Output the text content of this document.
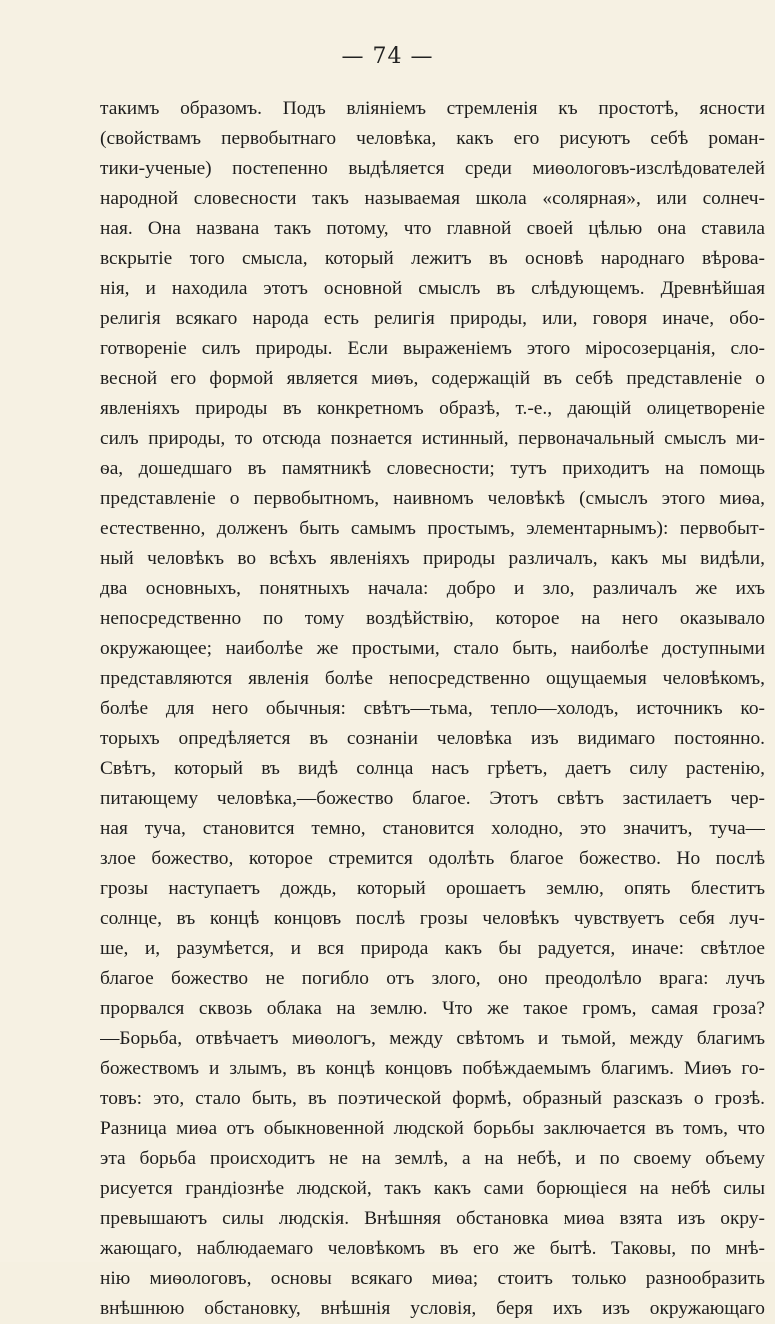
— 74 —
такимъ образомъ. Подъ вліяніемъ стремленія къ простотѣ, ясности
(свойствамъ первобытнаго человѣка, какъ его рисуютъ себѣ роман-
тики-ученые) постепенно выдѣляется среди миѳологовъ-изслѣдователей
народной словесности такъ называемая школа «солярная», или солнеч-
ная. Она названа такъ потому, что главной своей цѣлью она ставила
вскрытіе того смысла, который лежитъ въ основѣ народнаго вѣрова-
нія, и находила этотъ основной смыслъ въ слѣдующемъ. Древнѣйшая
религія всякаго народа есть религія природы, или, говоря иначе, обо-
готвореніе силъ природы. Если выраженіемъ этого міросозерцанія, сло-
весной его формой является миѳъ, содержащій въ себѣ представленіе о
явленіяхъ природы въ конкретномъ образѣ, т.-е., дающій олицетвореніе
силъ природы, то отсюда познается истинный, первоначальный смыслъ ми-
ѳа, дошедшаго въ памятникѣ словесности; тутъ приходитъ на помощь
представленіе о первобытномъ, наивномъ человѣкѣ (смыслъ этого миѳа,
естественно, долженъ быть самымъ простымъ, элементарнымъ): первобыт-
ный человѣкъ во всѣхъ явленіяхъ природы различалъ, какъ мы видѣли,
два основныхъ, понятныхъ начала: добро и зло, различалъ же ихъ
непосредственно по тому воздѣйствію, которое на него оказывало
окружающее; наиболѣе же простыми, стало быть, наиболѣе доступными
представляются явленія болѣе непосредственно ощущаемыя человѣкомъ,
болѣе для него обычныя: свѣтъ—тьма, тепло—холодъ, источникъ ко-
торыхъ опредѣляется въ сознаніи человѣка изъ видимаго постоянно.
Свѣтъ, который въ видѣ солнца насъ грѣетъ, даетъ силу растенію,
питающему человѣка,—божество благое. Этотъ свѣтъ застилаетъ чер-
ная туча, становится темно, становится холодно, это значитъ, туча—
злое божество, которое стремится одолѣть благое божество. Но послѣ
грозы наступаетъ дождь, который орошаетъ землю, опять блеститъ
солнце, въ концѣ концовъ послѣ грозы человѣкъ чувствуетъ себя луч-
ше, и, разумѣется, и вся природа какъ бы радуется, иначе: свѣтлое
благое божество не погибло отъ злого, оно преодолѣло врага: лучъ
прорвался сквозь облака на землю. Что же такое громъ, самая гроза?
—Борьба, отвѣчаетъ миѳологъ, между свѣтомъ и тьмой, между благимъ
божествомъ и злымъ, въ концѣ концовъ побѣждаемымъ благимъ. Миѳъ го-
товъ: это, стало быть, въ поэтической формѣ, образный разсказъ о грозѣ.
Разница миѳа отъ обыкновенной людской борьбы заключается въ томъ, что
эта борьба происходитъ не на землѣ, а на небѣ, и по своему объему
рисуется грандіознѣе людской, такъ какъ сами борющіеся на небѣ силы
превышаютъ силы людскія. Внѣшняя обстановка миѳа взята изъ окру-
жающаго, наблюдаемаго человѣкомъ въ его же бытѣ. Таковы, по мнѣ-
нію миѳологовъ, основы всякаго миѳа; стоитъ только разнообразить
внѣшнюю обстановку, внѣшнія условія, беря ихъ изъ окружающаго
